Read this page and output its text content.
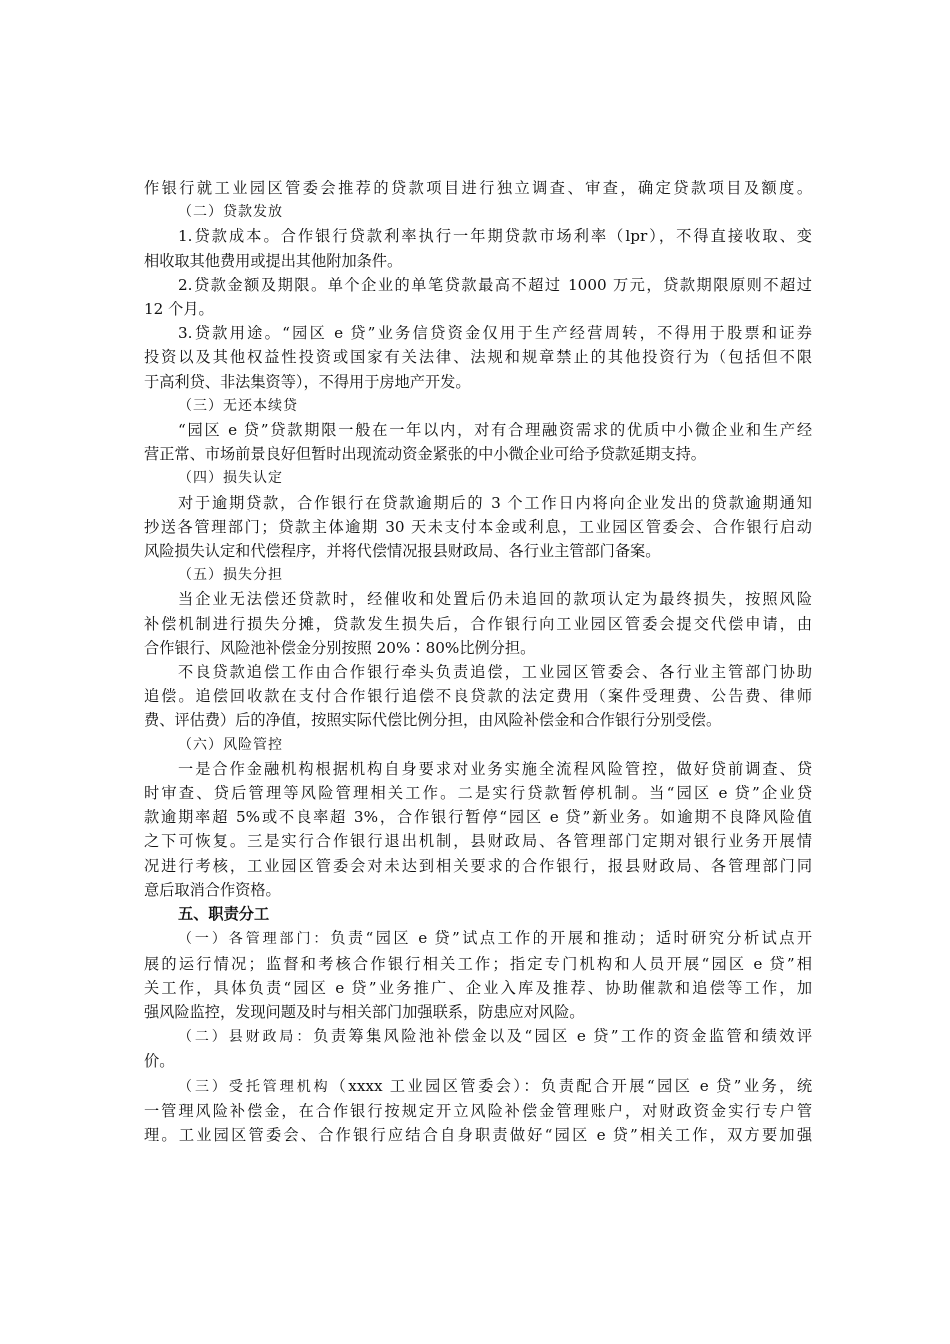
作银行就工业园区管委会推荐的贷款项目进行独立调查、审查，确定贷款项目及额度。
（二）贷款发放
1.贷款成本。合作银行贷款利率执行一年期贷款市场利率（lpr），不得直接收取、变
相收取其他费用或提出其他附加条件。
2.贷款金额及期限。单个企业的单笔贷款最高不超过 1000 万元，贷款期限原则不超过
12 个月。
3.贷款用途。“园区 e 贷”业务信贷资金仅用于生产经营周转，不得用于股票和证券
投资以及其他权益性投资或国家有关法律、法规和规章禁止的其他投资行为（包括但不限
于高利贷、非法集资等），不得用于房地产开发。
（三）无还本续贷
“园区 e 贷”贷款期限一般在一年以内，对有合理融资需求的优质中小微企业和生产经
营正常、市场前景良好但暂时出现流动资金紧张的中小微企业可给予贷款延期支持。
（四）损失认定
对于逾期贷款，合作银行在贷款逾期后的 3 个工作日内将向企业发出的贷款逾期通知
抄送各管理部门；贷款主体逾期 30 天未支付本金或利息，工业园区管委会、合作银行启动
风险损失认定和代偿程序，并将代偿情况报县财政局、各行业主管部门备案。
（五）损失分担
当企业无法偿还贷款时，经催收和处置后仍未追回的款项认定为最终损失，按照风险
补偿机制进行损失分摊，贷款发生损失后，合作银行向工业园区管委会提交代偿申请，由
合作银行、风险池补偿金分别按照 20%∶80%比例分担。
不良贷款追偿工作由合作银行牵头负责追偿，工业园区管委会、各行业主管部门协助
追偿。追偿回收款在支付合作银行追偿不良贷款的法定费用（案件受理费、公告费、律师
费、评估费）后的净值，按照实际代偿比例分担，由风险补偿金和合作银行分别受偿。
（六）风险管控
一是合作金融机构根据机构自身要求对业务实施全流程风险管控，做好贷前调查、贷
时审查、贷后管理等风险管理相关工作。二是实行贷款暂停机制。当“园区 e 贷”企业贷
款逾期率超 5%或不良率超 3%，合作银行暂停“园区 e 贷”新业务。如逾期不良降风险值
之下可恢复。三是实行合作银行退出机制，县财政局、各管理部门定期对银行业务开展情
况进行考核，工业园区管委会对未达到相关要求的合作银行，报县财政局、各管理部门同
意后取消合作资格。
五、职责分工
（一）各管理部门：负责“园区 e 贷”试点工作的开展和推动；适时研究分析试点开
展的运行情况；监督和考核合作银行相关工作；指定专门机构和人员开展“园区 e 贷”相
关工作，具体负责“园区 e 贷”业务推广、企业入库及推荐、协助催款和追偿等工作，加
强风险监控，发现问题及时与相关部门加强联系，防患应对风险。
（二）县财政局：负责筹集风险池补偿金以及“园区 e 贷”工作的资金监管和绩效评
价。
（三）受托管理机构（xxxx 工业园区管委会）：负责配合开展“园区 e 贷”业务，统
一管理风险补偿金，在合作银行按规定开立风险补偿金管理账户，对财政资金实行专户管
理。工业园区管委会、合作银行应结合自身职责做好“园区 e 贷”相关工作，双方要加强
